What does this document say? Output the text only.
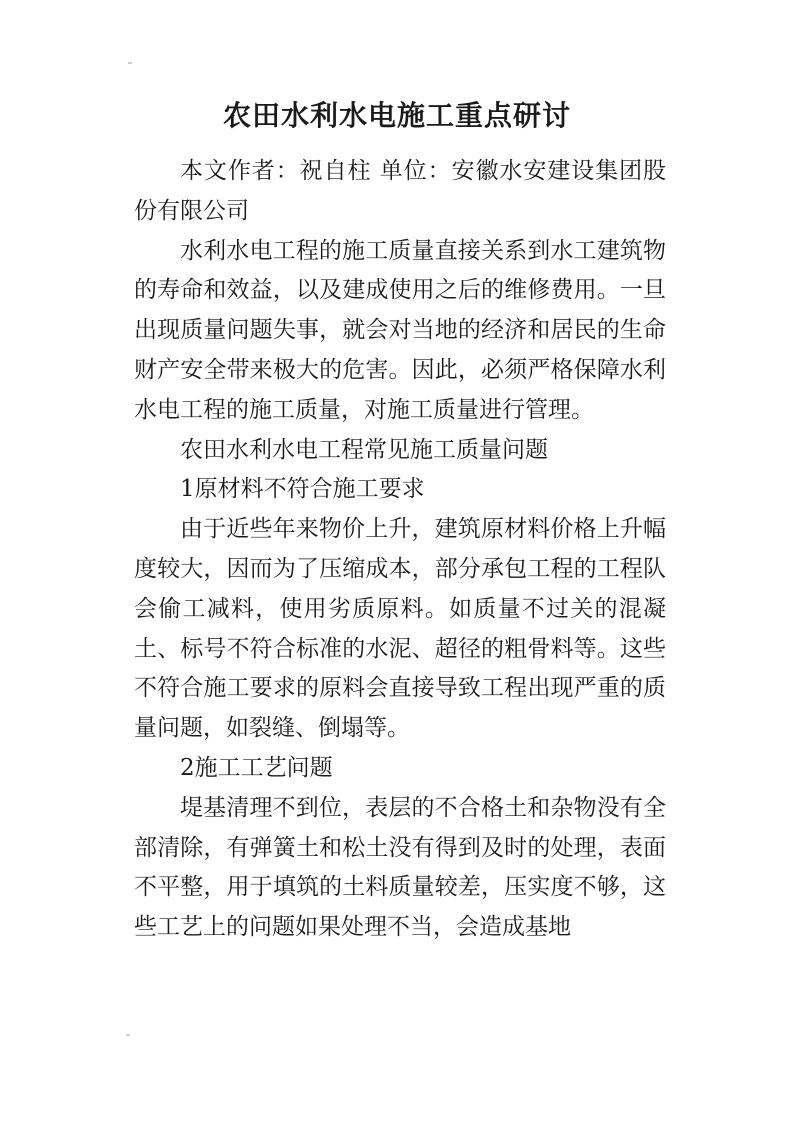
农田水利水电施工重点研讨

本文作者：祝自柱 单位：安徽水安建设集团股份有限公司

水利水电工程的施工质量直接关系到水工建筑物的寿命和效益，以及建成使用之后的维修费用。一旦出现质量问题失事，就会对当地的经济和居民的生命财产安全带来极大的危害。因此，必须严格保障水利水电工程的施工质量，对施工质量进行管理。

农田水利水电工程常见施工质量问题

1原材料不符合施工要求

由于近些年来物价上升，建筑原材料价格上升幅度较大，因而为了压缩成本，部分承包工程的工程队会偷工减料，使用劣质原料。如质量不过关的混凝土、标号不符合标准的水泥、超径的粗骨料等。这些不符合施工要求的原料会直接导致工程出现严重的质量问题，如裂缝、倒塌等。

2施工工艺问题

堤基清理不到位，表层的不合格土和杂物没有全部清除，有弹簧土和松土没有得到及时的处理，表面不平整，用于填筑的土料质量较差，压实度不够，这些工艺上的问题如果处理不当，会造成基地
